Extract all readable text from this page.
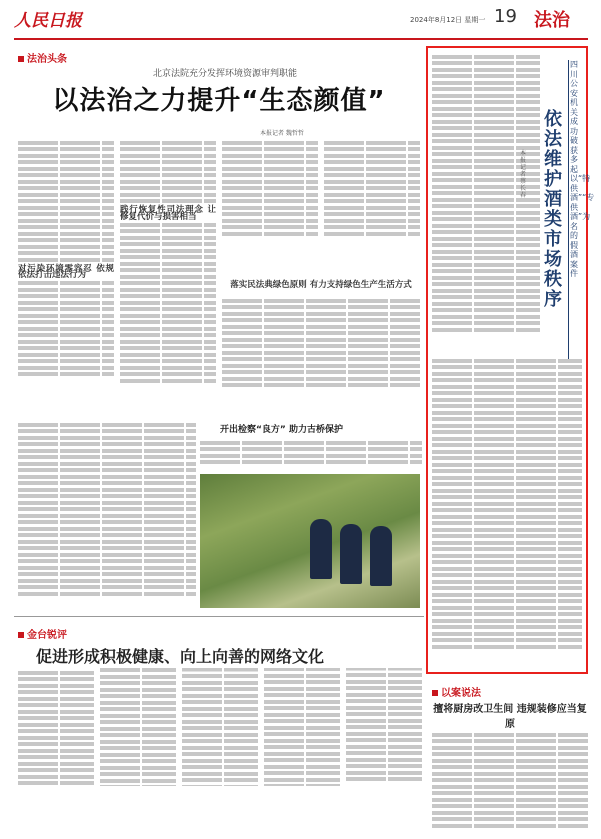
人民日报	2024年8月12日 星期一 19 法治
法治头条
北京法院充分发挥环境资源审判职能
以法治之力提升“生态颜值”
本报记者 魏哲哲
对污染环境零容忍 依规依法打击违法行为
践行恢复性司法理念 让修复代价与损害相当
落实民法典绿色原则 有力支持绿色生产生活方式
开出检察“良方” 助力古桥保护
四川公安机关成功破获多起以“特供酒”“专供酒”为名的假酒案件
依法维护酒类市场秩序
本报记者 蔡长春
金台锐评
促进形成积极健康、向上向善的网络文化
以案说法
擅将厨房改卫生间 违规装修应当复原
